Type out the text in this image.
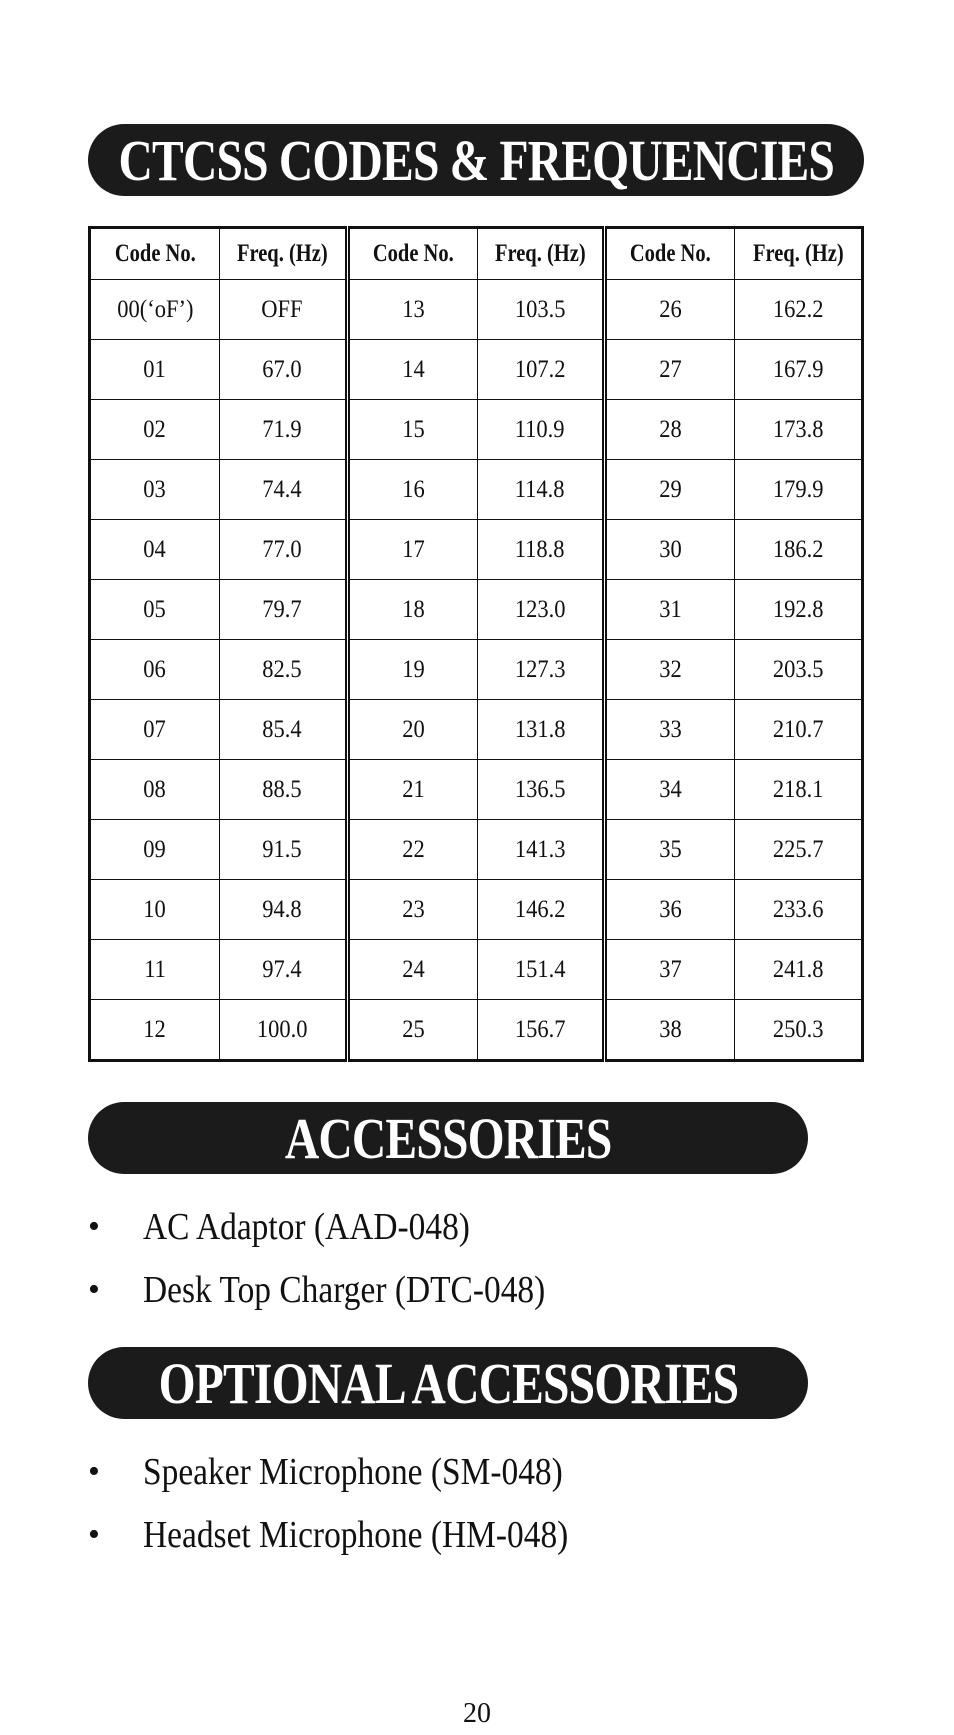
CTCSS CODES & FREQUENCIES
Code No.	Freq. (Hz)	Code No.	Freq. (Hz)	Code No.	Freq. (Hz)
00(‘oF’)	OFF	13	103.5	26	162.2
01	67.0	14	107.2	27	167.9
02	71.9	15	110.9	28	173.8
03	74.4	16	114.8	29	179.9
04	77.0	17	118.8	30	186.2
05	79.7	18	123.0	31	192.8
06	82.5	19	127.3	32	203.5
07	85.4	20	131.8	33	210.7
08	88.5	21	136.5	34	218.1
09	91.5	22	141.3	35	225.7
10	94.8	23	146.2	36	233.6
11	97.4	24	151.4	37	241.8
12	100.0	25	156.7	38	250.3
ACCESSORIES
•	AC Adaptor (AAD-048)
•	Desk Top Charger (DTC-048)
OPTIONAL ACCESSORIES
•	Speaker Microphone (SM-048)
•	Headset Microphone (HM-048)
20
